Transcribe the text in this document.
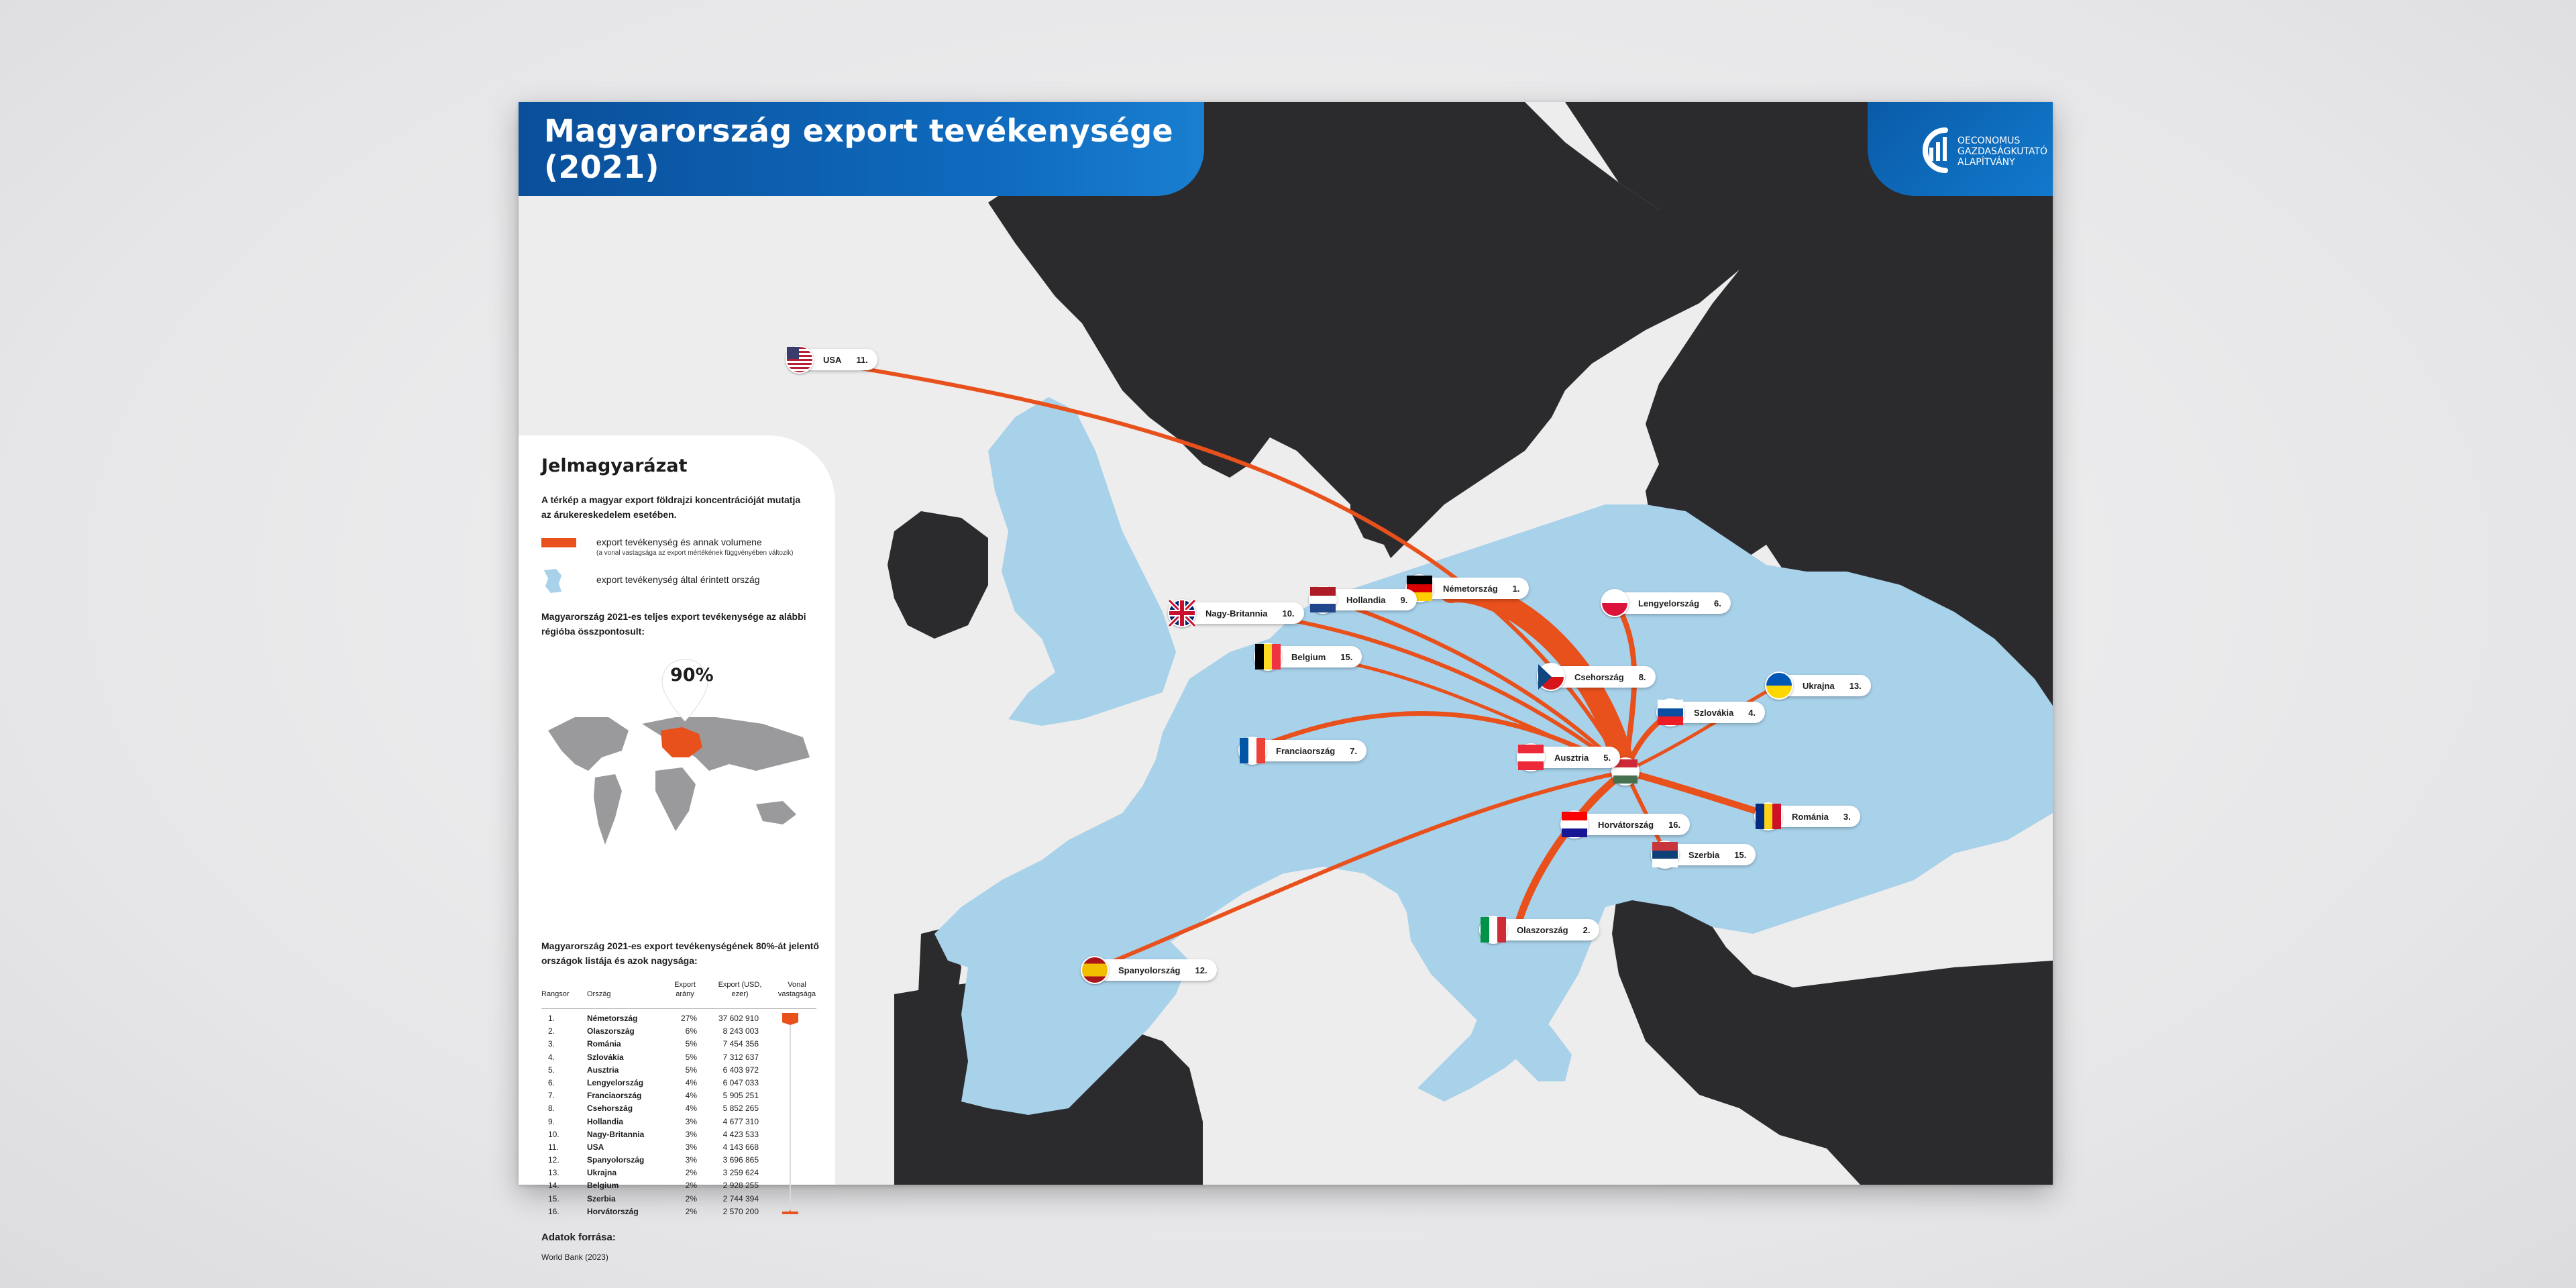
Magyarország export tevékenysége (2021)
OECONOMUS
GAZDASÁGKUTATÓ
ALAPÍTVÁNY
Németország 1.
Olaszország 2.
Románia 3.
Szlovákia 4.
Ausztria 5.
Lengyelország 6.
Franciaország 7.
Csehország 8.
Hollandia 9.
Nagy-Britannia 10.
USA 11.
Spanyolország 12.
Ukrajna 13.
Belgium 15.
Szerbia 15.
Horvátország 16.
Jelmagyarázat
A térkép a magyar export földrajzi koncentrációját mutatja az árukereskedelem esetében.
export tevékenység és annak volumene
(a vonal vastagsága az export mértékének függvényében változik)
export tevékenység által érintett ország
Magyarország 2021-es teljes export tevékenysége az alábbi régióba összpontosult:
90%
Magyarország 2021-es export tevékenységének 80%-át jelentő országok listája és azok nagysága:
Rangsor Ország
Export arány
Export (USD, ezer)
Vonal vastagsága
1.	Németország	27%	37 602 910
2.	Olaszország	6%	8 243 003
3.	Románia	5%	7 454 356
4.	Szlovákia	5%	7 312 637
5.	Ausztria	5%	6 403 972
6.	Lengyelország	4%	6 047 033
7.	Franciaország	4%	5 905 251
8.	Csehország	4%	5 852 265
9.	Hollandia	3%	4 677 310
10.	Nagy-Britannia	3%	4 423 533
11.	USA	3%	4 143 668
12.	Spanyolország	3%	3 696 865
13.	Ukrajna	2%	3 259 624
14.	Belgium	2%	2 928 255
15.	Szerbia	2%	2 744 394
16.	Horvátország	2%	2 570 200
Adatok forrása:
World Bank (2023)
